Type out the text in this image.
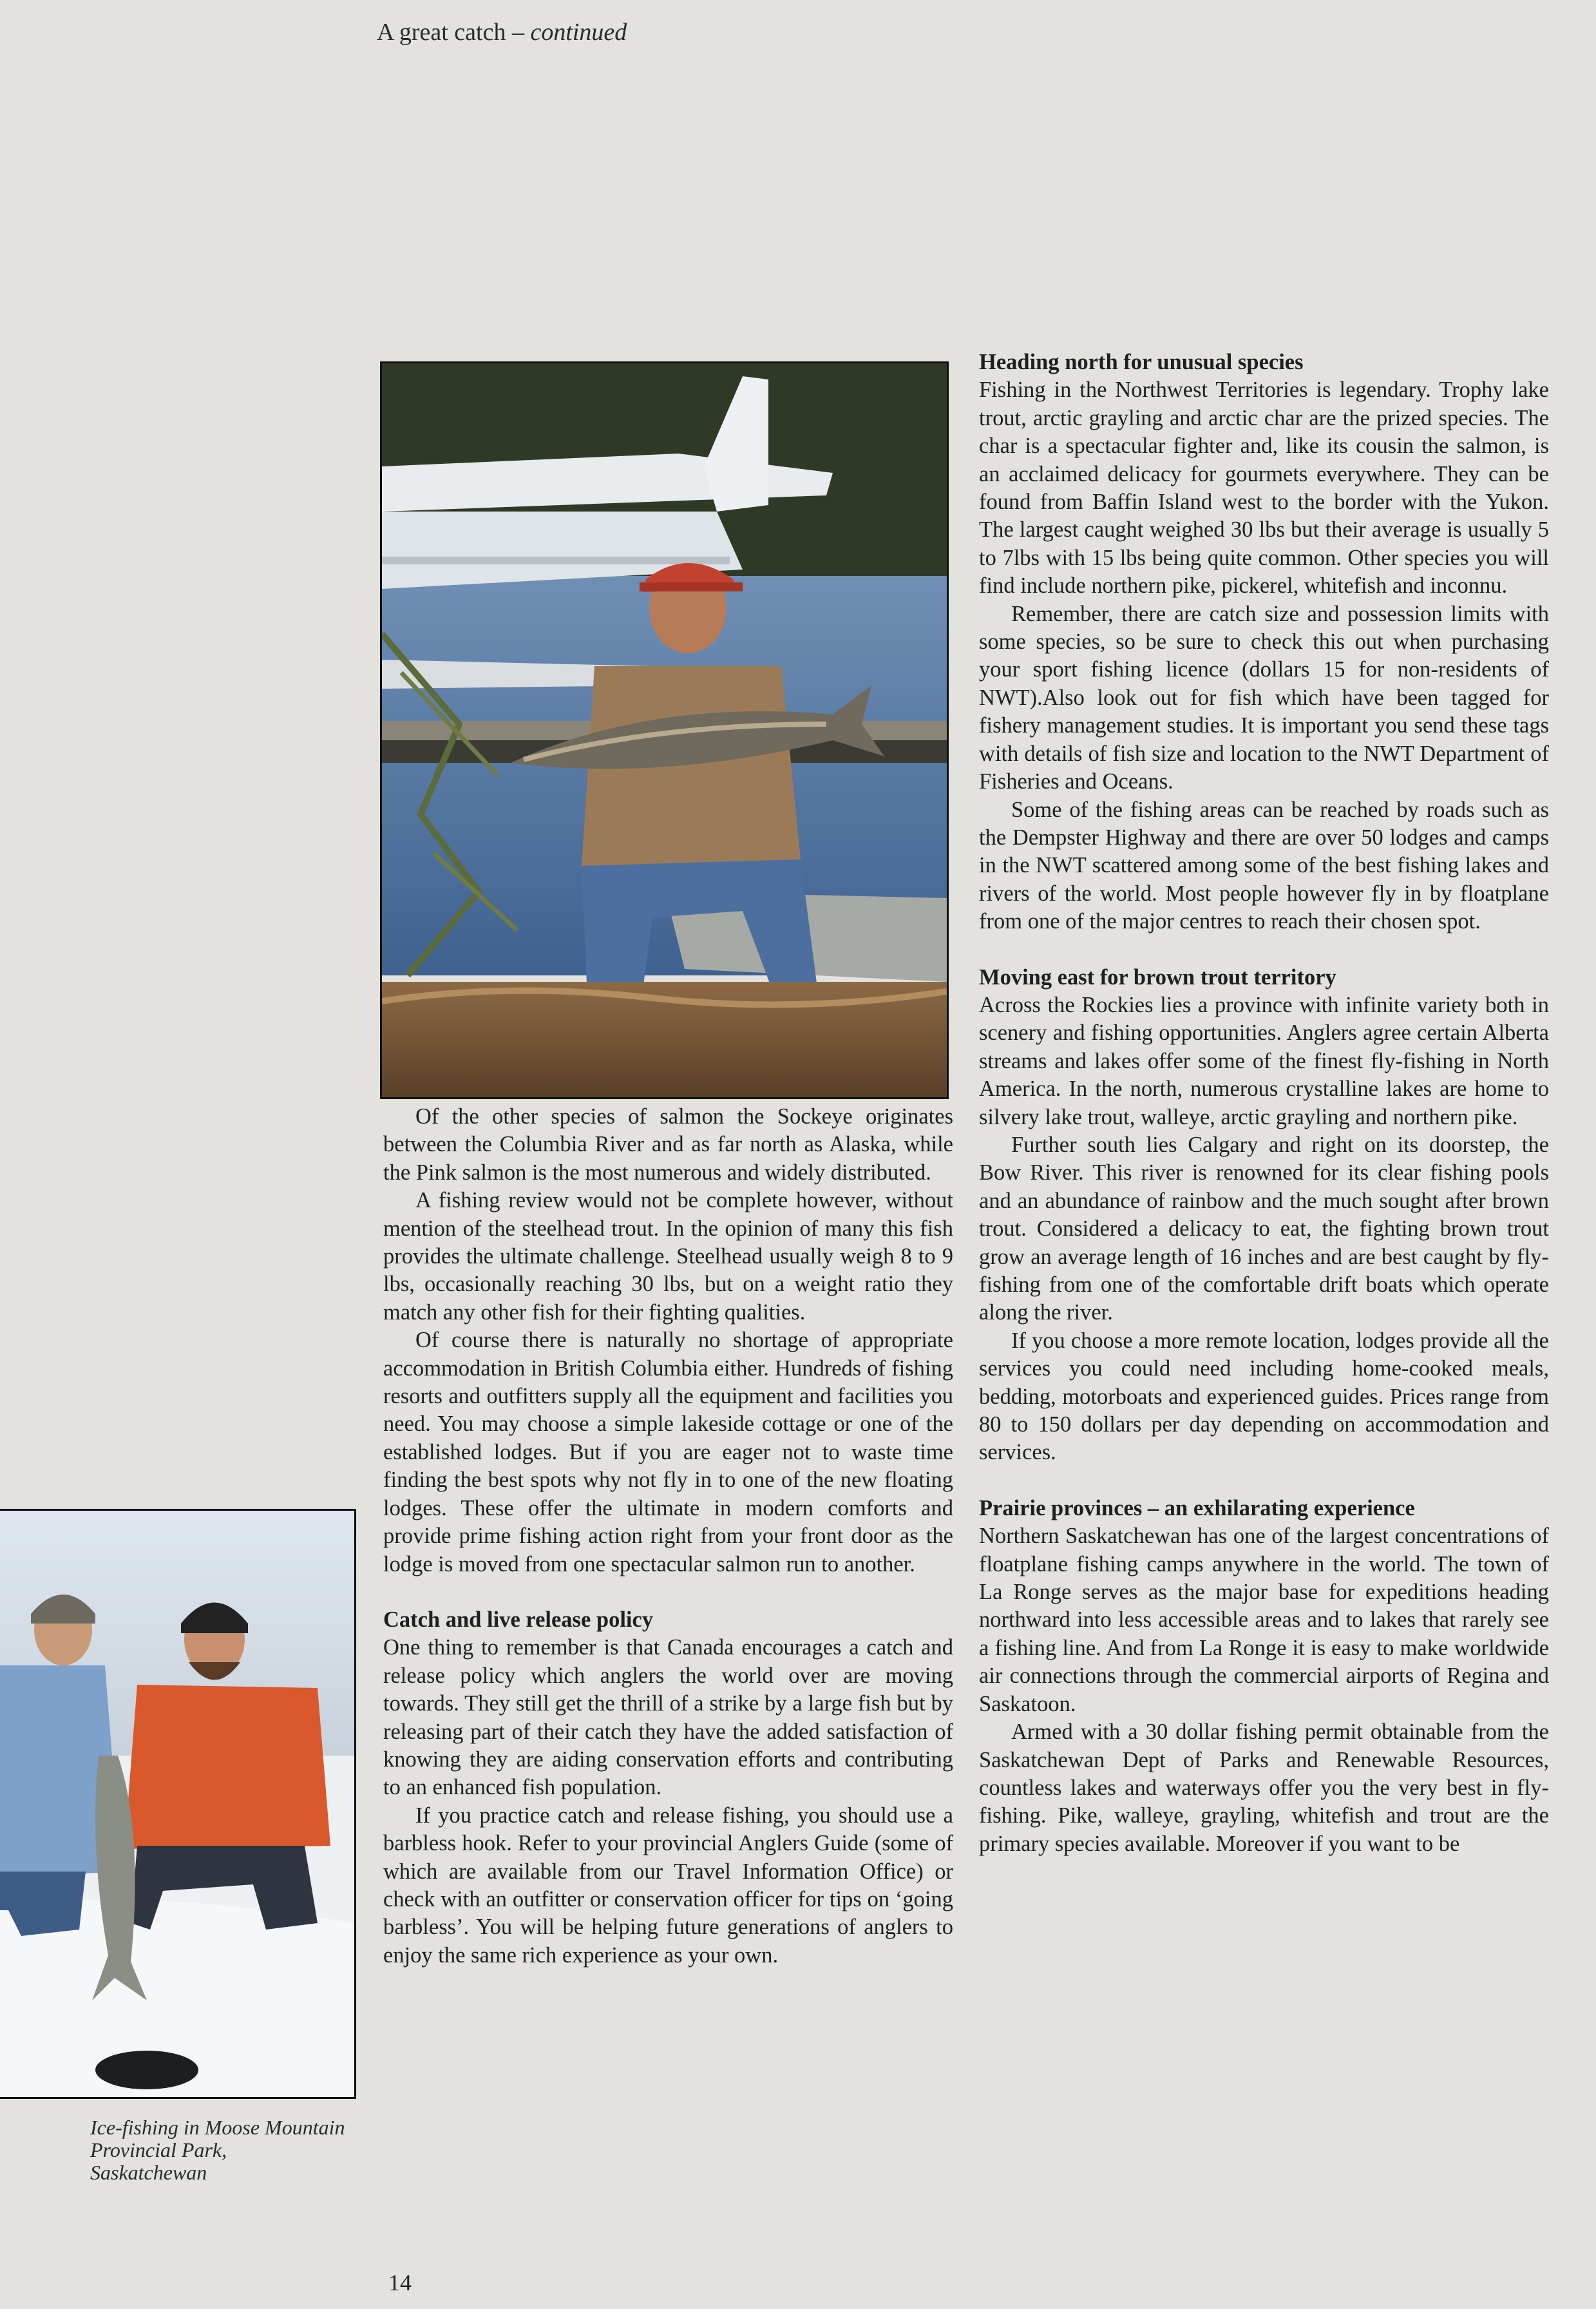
A great catch – continued

Of the other species of salmon the Sockeye originates between the Columbia River and as far north as Alaska, while the Pink salmon is the most numerous and widely distributed.

A fishing review would not be complete however, without mention of the steelhead trout. In the opinion of many this fish provides the ultimate challenge. Steelhead usually weigh 8 to 9 lbs, occasionally reaching 30 lbs, but on a weight ratio they match any other fish for their fighting qualities.

Of course there is naturally no shortage of appropriate accommodation in British Columbia either. Hundreds of fishing resorts and outfitters supply all the equipment and facilities you need. You may choose a simple lakeside cottage or one of the established lodges. But if you are eager not to waste time finding the best spots why not fly in to one of the new floating lodges. These offer the ultimate in modern comforts and provide prime fishing action right from your front door as the lodge is moved from one spectacular salmon run to another.

Catch and live release policy

One thing to remember is that Canada encourages a catch and release policy which anglers the world over are moving towards. They still get the thrill of a strike by a large fish but by releasing part of their catch they have the added satisfaction of knowing they are aiding conservation efforts and contributing to an enhanced fish population.

If you practice catch and release fishing, you should use a barbless hook. Refer to your provincial Anglers Guide (some of which are available from our Travel Information Office) or check with an outfitter or conservation officer for tips on ‘going barbless’. You will be helping future generations of anglers to enjoy the same rich experience as your own.

Heading north for unusual species

Fishing in the Northwest Territories is legendary. Trophy lake trout, arctic grayling and arctic char are the prized species. The char is a spectacular fighter and, like its cousin the salmon, is an acclaimed delicacy for gourmets everywhere. They can be found from Baffin Island west to the border with the Yukon. The largest caught weighed 30 lbs but their average is usually 5 to 7lbs with 15 lbs being quite common. Other species you will find include northern pike, pickerel, whitefish and inconnu.

Remember, there are catch size and possession limits with some species, so be sure to check this out when purchasing your sport fishing licence (dollars 15 for non-residents of NWT).Also look out for fish which have been tagged for fishery management studies. It is important you send these tags with details of fish size and location to the NWT Department of Fisheries and Oceans.

Some of the fishing areas can be reached by roads such as the Dempster Highway and there are over 50 lodges and camps in the NWT scattered among some of the best fishing lakes and rivers of the world. Most people however fly in by floatplane from one of the major centres to reach their chosen spot.

Moving east for brown trout territory

Across the Rockies lies a province with infinite variety both in scenery and fishing opportunities. Anglers agree certain Alberta streams and lakes offer some of the finest fly-fishing in North America. In the north, numerous crystalline lakes are home to silvery lake trout, walleye, arctic grayling and northern pike.

Further south lies Calgary and right on its doorstep, the Bow River. This river is renowned for its clear fishing pools and an abundance of rainbow and the much sought after brown trout. Considered a delicacy to eat, the fighting brown trout grow an average length of 16 inches and are best caught by fly-fishing from one of the comfortable drift boats which operate along the river.

If you choose a more remote location, lodges provide all the services you could need including home-cooked meals, bedding, motorboats and experienced guides. Prices range from 80 to 150 dollars per day depending on accommodation and services.

Prairie provinces – an exhilarating experience

Northern Saskatchewan has one of the largest concentrations of floatplane fishing camps anywhere in the world. The town of La Ronge serves as the major base for expeditions heading northward into less accessible areas and to lakes that rarely see a fishing line. And from La Ronge it is easy to make worldwide air connections through the commercial airports of Regina and Saskatoon.

Armed with a 30 dollar fishing permit obtainable from the Saskatchewan Dept of Parks and Renewable Resources, countless lakes and waterways offer you the very best in fly-fishing. Pike, walleye, grayling, whitefish and trout are the primary species available. Moreover if you want to be

Ice-fishing in Moose Mountain Provincial Park, Saskatchewan
14
